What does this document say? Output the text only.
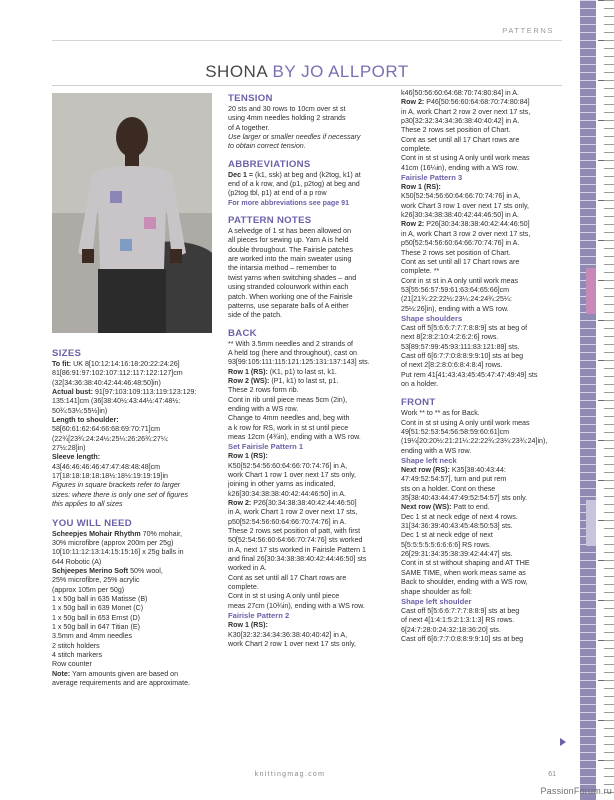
PATTERNS
SHONA BY JO ALLPORT
SIZES

To fit: UK 8[10:12:14:16:18:20:22:24:26]

81[86:91:97:102:107:112:117:122:127]cm

(32[34:36:38:40:42:44:46:48:50]in)

Actual bust: 91[97:103:109:113:119:123:129:

135:141]cm (36[38:40½:43:44½:47:48½:

50¾:53¼:55½]in)

Length to shoulder:

58[60:61:62:64:66:68:69:70:71]cm

(22¾[23¾:24:24½:25¼:26:26¾:27¼:

27½:28]in)

Sleeve length:

43[46:46:46:46:47:47:48:48:48]cm

17[18:18:18:18:18½:18½:19:19:19]in

Figures in square brackets refer to larger

sizes: where there is only one set of figures

this applies to all sizes

YOU WILL NEED

Scheepjes Mohair Rhythm 70% mohair,

30% microfibre (approx 200m per 25g)

10[10:11:12:13:14:15:15:16] x 25g balls in

644 Robotic (A)

Schjeepes Merino Soft 50% wool,

25% microfibre, 25% acrylic

(approx 105m per 50g)

1 x 50g ball in 635 Matisse (B)

1 x 50g ball in 639 Monet (C)

1 x 50g ball in 653 Ernst (D)

1 x 50g ball in 647 Titian (E)

3.5mm and 4mm needles

2 stitch holders

4 stitch markers

Row counter

Note: Yarn amounts given are based on

average requirements and are approximate.

TENSION

20 sts and 30 rows to 10cm over st st

using 4mm needles holding 2 strands

of A together.

Use larger or smaller needles if necessary

to obtain correct tension.

ABBREVIATIONS

Dec 1 = (k1, ssk) at beg and (k2tog, k1) at

end of a k row, and (p1, p2tog) at beg and

(p2tog tbl, p1) at end of a p row

For more abbreviations see page 91

PATTERN NOTES

A selvedge of 1 st has been allowed on

all pieces for sewing up. Yarn A is held

double throughout. The Fairisle patches

are worked into the main sweater using

the intarsia method – remember to

twist yarns when switching shades – and

using stranded colourwork within each

patch. When working one of the Fairisle

patterns, use separate balls of A either

side of the patch.

BACK

** With 3.5mm needles and 2 strands of

A held tog (here and throughout), cast on

93[99:105:111:115:121:125:131:137:143] sts.

Row 1 (RS): (K1, p1) to last st, k1.

Row 2 (WS): (P1, k1) to last st, p1.

These 2 rows form rib.

Cont in rib until piece meas 5cm (2in),

ending with a WS row.

Change to 4mm needles and, beg with

a k row for RS, work in st st until piece

meas 12cm (4¾in), ending with a WS row.

Set Fairisle Pattern 1

Row 1 (RS):

K50[52:54:56:60:64:66:70:74:76] in A,

work Chart 1 row 1 over next 17 sts only,

joining in other yarns as indicated,

k26[30:34:38:38:40:42:44:46:50] in A.

Row 2: P26[30:34:38:38:40:42:44:46:50]

in A, work Chart 1 row 2 over next 17 sts,

p50[52:54:56:60:64:66:70:74:76] in A.

These 2 rows set position of patt, with first

50[52:54:56:60:64:66:70:74:76] sts worked

in A, next 17 sts worked in Fairisle Pattern 1

and final 26[30:34:38:38:40:42:44:46:50] sts

worked in A.

Cont as set until all 17 Chart rows are

complete.

Cont in st st using A only until piece

meas 27cm (10¾in), ending with a WS row.

Fairisle Pattern 2

Row 1 (RS):

K30[32:32:34:34:36:38:40:40:42] in A,

work Chart 2 row 1 over next 17 sts only,

k46[50:56:60:64:68:70:74:80:84] in A.

Row 2: P46[50:56:60:64:68:70:74:80:84]

in A, work Chart 2 row 2 over next 17 sts,

p30[32:32:34:34:36:38:40:40:42] in A.

These 2 rows set position of Chart.

Cont as set until all 17 Chart rows are

complete.

Cont in st st using A only until work meas

41cm (16¼in), ending with a WS row.

Fairisle Pattern 3

Row 1 (RS):

K50[52:54:56:60:64:66:70:74:76] in A,

work Chart 3 row 1 over next 17 sts only,

k26[30:34:38:38:40:42:44:46:50] in A.

Row 2: P26[30:34:38:38:40:42:44:46:50]

in A, work Chart 3 row 2 over next 17 sts,

p50[52:54:56:60:64:66:70:74:76] in A.

These 2 rows set position of Chart.

Cont as set until all 17 Chart rows are

complete. **

Cont in st st in A only until work meas

53[55:56:57:59:61:63:64:65:66]cm

(21[21¾:22:22½:23¼:24:24¾:25¼:

25½:26]in), ending with a WS row.

Shape shoulders

Cast off 5[5:6:6:7:7:7:8:8:9] sts at beg of

next 8[2:8:2:10:4:2:6:2:6] rows.

53[89:57:99:45:93:111:83:121:89] sts.

Cast off 6[6:7:7:0:8:8:9:9:10] sts at beg

of next 2[8:2:8:0:6:8:4:8:4] rows.

Put rem 41[41:43:43:45:45:47:47:49:49] sts

on a holder.

FRONT

Work ** to ** as for Back.

Cont in st st using A only until work meas

49[51:52:53:54:56:58:59:60:61]cm

(19¼[20:20½:21:21¼:22:22¾:23¼:23¾:24]in),

ending with a WS row.

Shape left neck

Next row (RS): K35[38:40:43:44:

47:49:52:54:57], turn and put rem

sts on a holder. Cont on these

35[38:40:43:44:47:49:52:54:57] sts only.

Next row (WS): Patt to end.

Dec 1 st at neck edge of next 4 rows.

31[34:36:39:40:43:45:48:50:53] sts.

Dec 1 st at neck edge of next

5[5:5:5:5:5:6:6:6:6] RS rows.

26[29:31:34:35:38:39:42:44:47] sts.

Cont in st st without shaping and AT THE

SAME TIME, when work meas same as

Back to shoulder, ending with a WS row,

shape shoulder as foll:

Shape left shoulder

Cast off 5[5:6:6:7:7:7:8:8:9] sts at beg

of next 4[1:4:1:5:2:1:3:1:3] RS rows.

6[24:7:28:0:24:32:18:36:20] sts.

Cast off 6[6:7:7:0:8:8:9:9:10] sts at beg

knittingmag.com	61
PassionForum.ru
